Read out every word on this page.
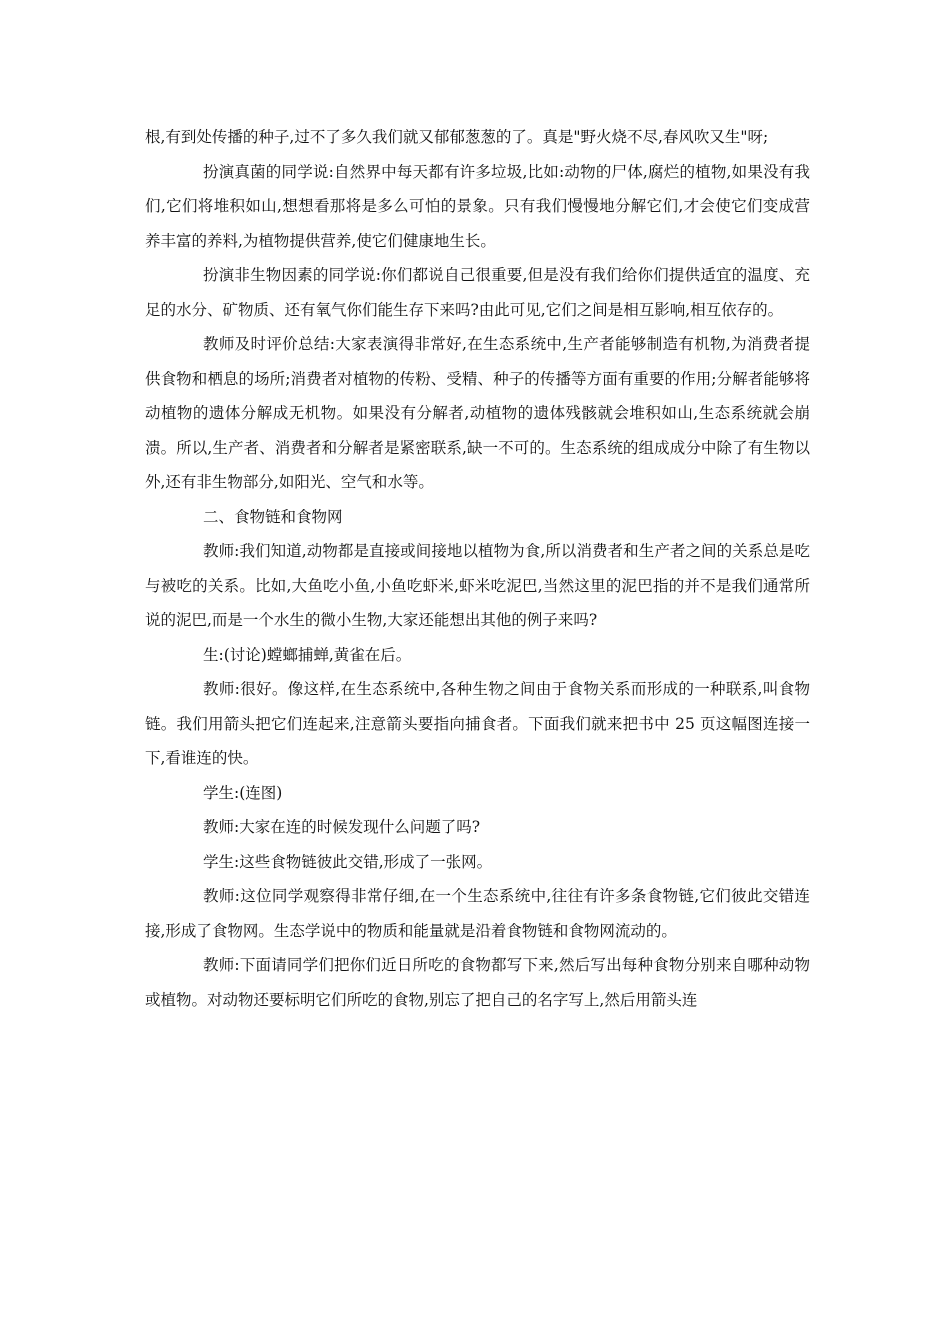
根,有到处传播的种子,过不了多久我们就又郁郁葱葱的了。真是"野火烧不尽,春风吹又生"呀;

扮演真菌的同学说:自然界中每天都有许多垃圾,比如:动物的尸体,腐烂的植物,如果没有我们,它们将堆积如山,想想看那将是多么可怕的景象。只有我们慢慢地分解它们,才会使它们变成营养丰富的养料,为植物提供营养,使它们健康地生长。

扮演非生物因素的同学说:你们都说自己很重要,但是没有我们给你们提供适宜的温度、充足的水分、矿物质、还有氧气你们能生存下来吗?由此可见,它们之间是相互影响,相互依存的。

教师及时评价总结:大家表演得非常好,在生态系统中,生产者能够制造有机物,为消费者提供食物和栖息的场所;消费者对植物的传粉、受精、种子的传播等方面有重要的作用;分解者能够将动植物的遗体分解成无机物。如果没有分解者,动植物的遗体残骸就会堆积如山,生态系统就会崩溃。所以,生产者、消费者和分解者是紧密联系,缺一不可的。生态系统的组成成分中除了有生物以外,还有非生物部分,如阳光、空气和水等。

二、食物链和食物网

教师:我们知道,动物都是直接或间接地以植物为食,所以消费者和生产者之间的关系总是吃与被吃的关系。比如,大鱼吃小鱼,小鱼吃虾米,虾米吃泥巴,当然这里的泥巴指的并不是我们通常所说的泥巴,而是一个水生的微小生物,大家还能想出其他的例子来吗?

生:(讨论)螳螂捕蝉,黄雀在后。

教师:很好。像这样,在生态系统中,各种生物之间由于食物关系而形成的一种联系,叫食物链。我们用箭头把它们连起来,注意箭头要指向捕食者。下面我们就来把书中 25 页这幅图连接一下,看谁连的快。

学生:(连图)

教师:大家在连的时候发现什么问题了吗?

学生:这些食物链彼此交错,形成了一张网。

教师:这位同学观察得非常仔细,在一个生态系统中,往往有许多条食物链,它们彼此交错连接,形成了食物网。生态学说中的物质和能量就是沿着食物链和食物网流动的。

教师:下面请同学们把你们近日所吃的食物都写下来,然后写出每种食物分别来自哪种动物或植物。对动物还要标明它们所吃的食物,别忘了把自己的名字写上,然后用箭头连
